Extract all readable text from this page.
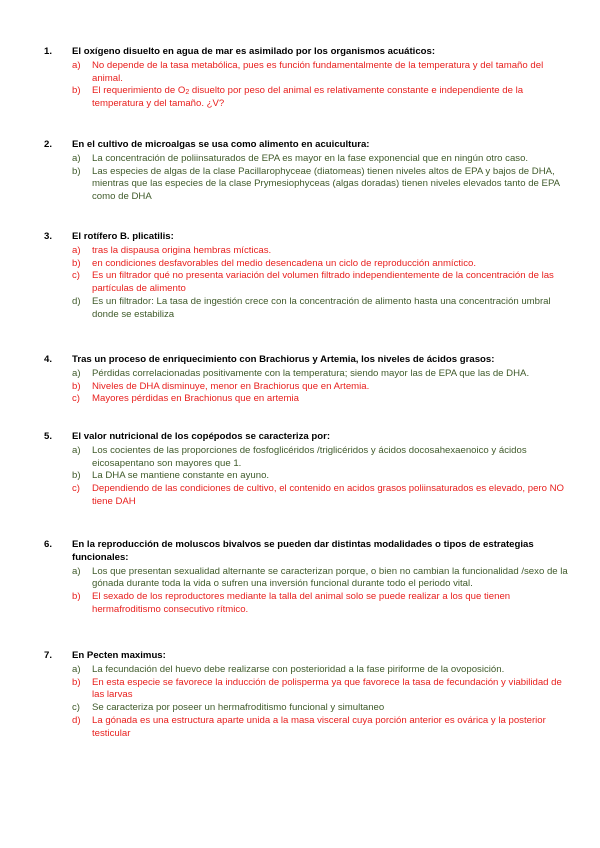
1.	El oxígeno disuelto en agua de mar es asimilado por los organismos acuáticos:
a)	No depende de la tasa metabólica, pues es función fundamentalmente de la temperatura y del tamaño del animal.
b)	El requerimiento de $O_2$ disuelto por peso del animal es relativamente constante e independiente de la temperatura y del tamaño. ¿V?
2.	En el cultivo de microalgas se usa como alimento en acuicultura:
a)	La concentración de poliinsaturados de EPA es mayor en la fase exponencial que en ningún otro caso.
b)	Las especies de algas de la clase Pacillarophyceae (diatomeas) tienen niveles altos de EPA y bajos de DHA, mientras que las especies de la clase Prymesiophyceas (algas doradas) tienen niveles elevados tanto de EPA como de DHA
3.	El rotífero B. plicatilis:
a)	tras la dispausa origina hembras mícticas.
b)	en condiciones desfavorables del medio desencadena un ciclo de reproducción anmíctico.
c)	Es un filtrador qué no presenta variación del volumen filtrado independientemente de la concentración de las partículas de alimento
d)	Es un filtrador: La tasa de ingestión crece con la concentración de alimento hasta una concentración umbral donde se estabiliza
4.	Tras un proceso de enriquecimiento con Brachiorus y Artemia, los niveles de ácidos grasos:
a)	Pérdidas correlacionadas positivamente con la temperatura; siendo mayor las de EPA que las de DHA.
b)	Niveles de DHA disminuye, menor en Brachiorus que en Artemia.
c)	Mayores pérdidas en Brachionus que en artemia
5.	El valor nutricional de los copépodos se caracteriza por:
a)	Los cocientes de las proporciones de fosfoglicéridos /triglicéridos y ácidos docosahexaenoico y ácidos eicosapentano son mayores que 1.
b)	La DHA se mantiene constante en ayuno.
c)	Dependiendo de las condiciones de cultivo, el contenido en acidos grasos poliinsaturados es elevado, pero NO tiene DAH
6.	En la reproducción de moluscos bivalvos se pueden dar distintas modalidades o tipos de estrategias funcionales:
a)	Los que presentan sexualidad alternante se caracterizan porque, o bien no cambian la funcionalidad /sexo de la gónada durante toda la vida o sufren una inversión funcional durante todo el periodo vital.
b)	El sexado de los reproductores mediante la talla del animal solo se puede realizar a los que tienen hermafroditismo consecutivo rítmico.
7.	En Pecten maximus:
a)	La fecundación del huevo debe realizarse con posterioridad a la fase piriforme de la ovoposición.
b)	En esta especie se favorece la inducción de polisperma ya que favorece la tasa de fecundación y viabilidad de las larvas
c)	Se caracteriza por poseer un hermafroditismo funcional y simultaneo
d)	La gónada es una estructura aparte unida a la masa visceral cuya porción anterior es ovárica y la posterior testicular
